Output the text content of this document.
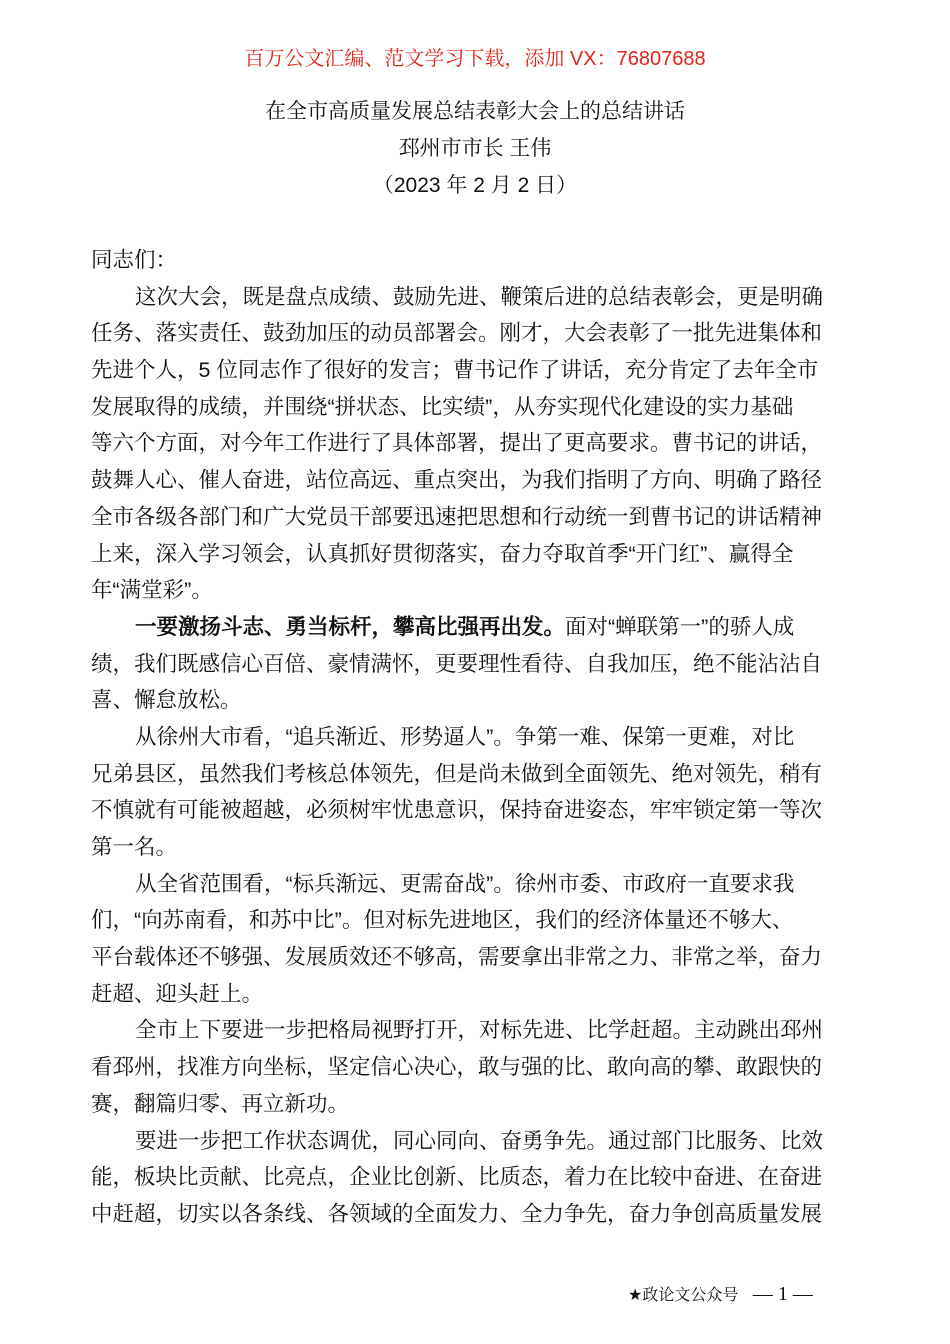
百万公文汇编、范文学习下载，添加 VX：76807688
在全市高质量发展总结表彰大会上的总结讲话
邳州市市长 王伟
（2023 年 2 月 2 日）
同志们：
这次大会，既是盘点成绩、鼓励先进、鞭策后进的总结表彰会，更是明确
任务、落实责任、鼓劲加压的动员部署会。刚才，大会表彰了一批先进集体和
先进个人，5 位同志作了很好的发言；曹书记作了讲话，充分肯定了去年全市
发展取得的成绩，并围绕“拼状态、比实绩”，从夯实现代化建设的实力基础
等六个方面，对今年工作进行了具体部署，提出了更高要求。曹书记的讲话，
鼓舞人心、催人奋进，站位高远、重点突出，为我们指明了方向、明确了路径
全市各级各部门和广大党员干部要迅速把思想和行动统一到曹书记的讲话精神
上来，深入学习领会，认真抓好贯彻落实，奋力夺取首季“开门红”、赢得全
年“满堂彩”。
一要激扬斗志、勇当标杆，攀高比强再出发。面对“蝉联第一”的骄人成
绩，我们既感信心百倍、豪情满怀，更要理性看待、自我加压，绝不能沾沾自
喜、懈怠放松。
从徐州大市看，“追兵渐近、形势逼人”。争第一难、保第一更难，对比
兄弟县区，虽然我们考核总体领先，但是尚未做到全面领先、绝对领先，稍有
不慎就有可能被超越，必须树牢忧患意识，保持奋进姿态，牢牢锁定第一等次
第一名。
从全省范围看，“标兵渐远、更需奋战”。徐州市委、市政府一直要求我
们，“向苏南看，和苏中比”。但对标先进地区，我们的经济体量还不够大、
平台载体还不够强、发展质效还不够高，需要拿出非常之力、非常之举，奋力
赶超、迎头赶上。
全市上下要进一步把格局视野打开，对标先进、比学赶超。主动跳出邳州
看邳州，找准方向坐标，坚定信心决心，敢与强的比、敢向高的攀、敢跟快的
赛，翻篇归零、再立新功。
要进一步把工作状态调优，同心同向、奋勇争先。通过部门比服务、比效
能，板块比贡献、比亮点，企业比创新、比质态，着力在比较中奋进、在奋进
中赶超，切实以各条线、各领域的全面发力、全力争先，奋力争创高质量发展
★政论文公众号 — 1 —
